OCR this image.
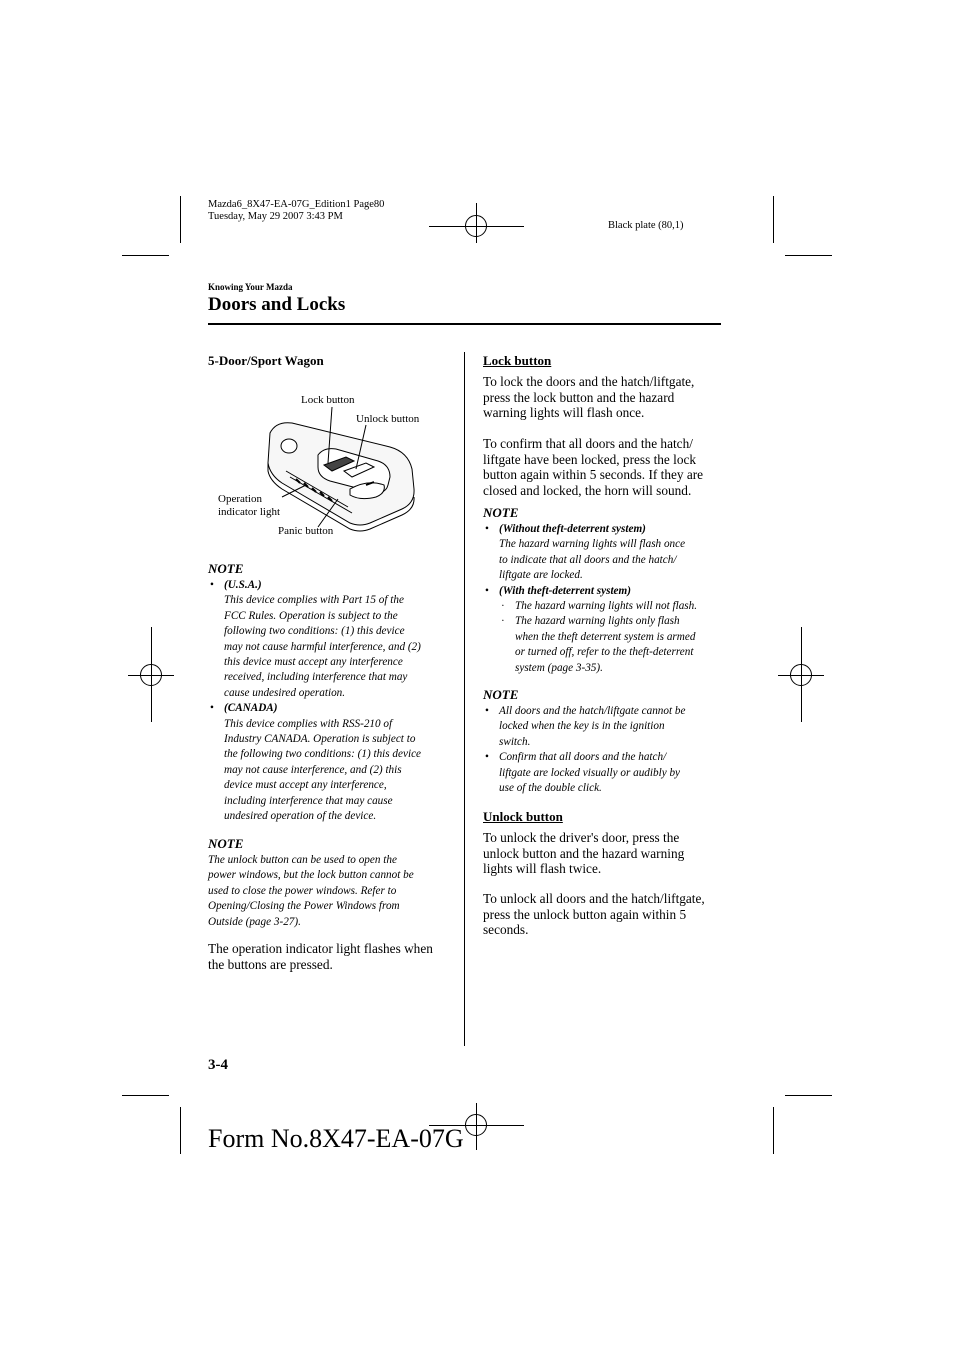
Mazda6_8X47-EA-07G_Edition1 Page80
Tuesday, May 29 2007 3:43 PM
Black plate (80,1)
Knowing Your Mazda
Doors and Locks
5-Door/Sport Wagon
Lock button
Unlock button
Operation
indicator light
Panic button
NOTE
• (U.S.A.)
This device complies with Part 15 of the
FCC Rules. Operation is subject to the
following two conditions: (1) this device
may not cause harmful interference, and (2)
this device must accept any interference
received, including interference that may
cause undesired operation.
• (CANADA)
This device complies with RSS-210 of
Industry CANADA. Operation is subject to
the following two conditions: (1) this device
may not cause interference, and (2) this
device must accept any interference,
including interference that may cause
undesired operation of the device.
NOTE
The unlock button can be used to open the
power windows, but the lock button cannot be
used to close the power windows. Refer to
Opening/Closing the Power Windows from
Outside (page 3-27).
The operation indicator light flashes when
the buttons are pressed.
Lock button
To lock the doors and the hatch/liftgate,
press the lock button and the hazard
warning lights will flash once.
To confirm that all doors and the hatch/
liftgate have been locked, press the lock
button again within 5 seconds. If they are
closed and locked, the horn will sound.
NOTE
• (Without theft-deterrent system)
The hazard warning lights will flash once
to indicate that all doors and the hatch/
liftgate are locked.
• (With theft-deterrent system)
· The hazard warning lights will not flash.
· The hazard warning lights only flash
when the theft deterrent system is armed
or turned off, refer to the theft-deterrent
system (page 3-35).
NOTE
• All doors and the hatch/liftgate cannot be
locked when the key is in the ignition
switch.
• Confirm that all doors and the hatch/
liftgate are locked visually or audibly by
use of the double click.
Unlock button
To unlock the driver's door, press the
unlock button and the hazard warning
lights will flash twice.
To unlock all doors and the hatch/liftgate,
press the unlock button again within 5
seconds.
3-4
Form No.8X47-EA-07G
